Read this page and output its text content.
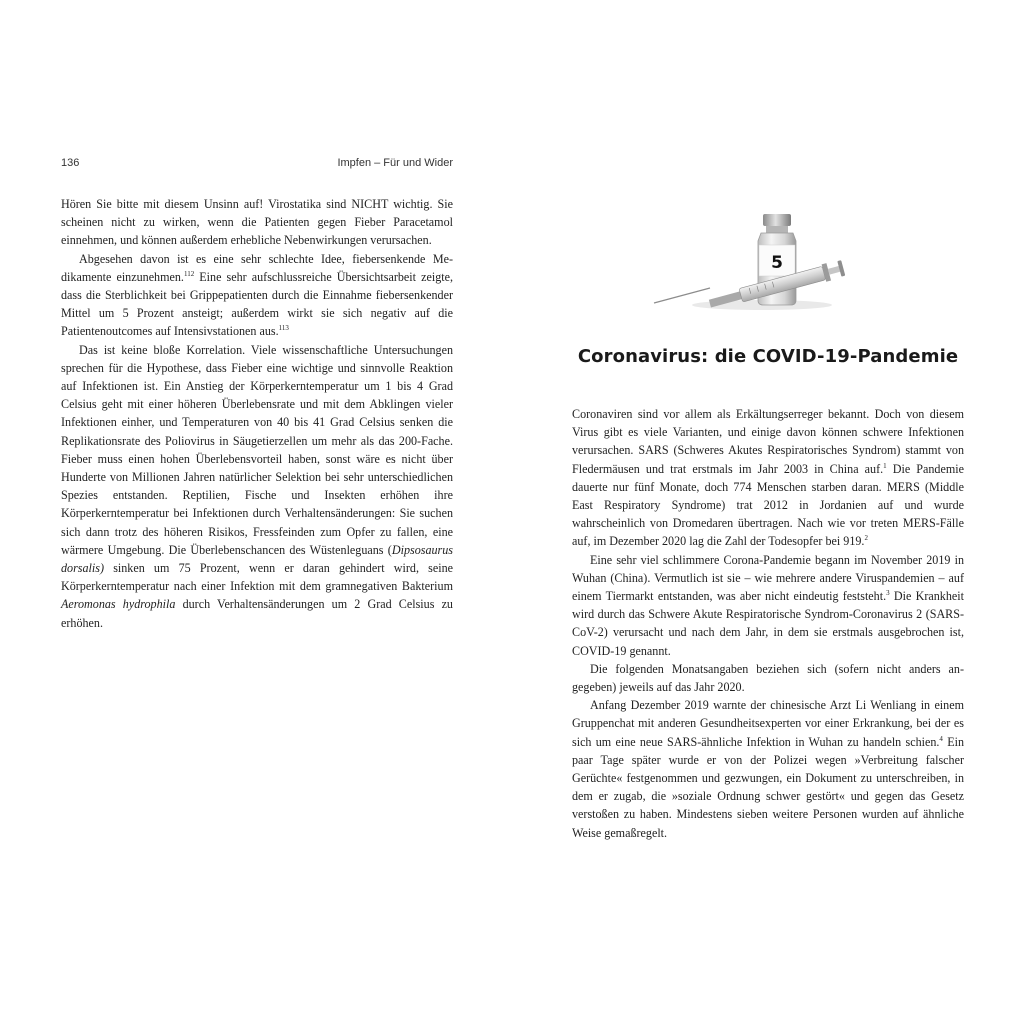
136	Impfen – Für und Wider

Hören Sie bitte mit diesem Unsinn auf! Virostatika sind NICHT wichtig. Sie scheinen nicht zu wirken, wenn die Patienten gegen Fieber Paracetamol einnehmen, und können außerdem erhebliche Nebenwirkungen verursachen.

Abgesehen davon ist es eine sehr schlechte Idee, fiebersenkende Medikamente einzunehmen.$^{112}$ Eine sehr aufschlussreiche Übersichtsarbeit zeigte, dass die Sterblichkeit bei Grippepatienten durch die Einnahme fiebersenkender Mittel um 5 Prozent ansteigt; außerdem wirkt sie sich negativ auf die Patientenoutcomes auf Intensivstationen aus.$^{113}$

Das ist keine bloße Korrelation. Viele wissenschaftliche Untersuchungen sprechen für die Hypothese, dass Fieber eine wichtige und sinnvolle Reaktion auf Infektionen ist. Ein Anstieg der Körperkerntemperatur um 1 bis 4 Grad Celsius geht mit einer höheren Überlebensrate und mit dem Abklingen vieler Infektionen einher, und Temperaturen von 40 bis 41 Grad Celsius senken die Replikationsrate des Poliovirus in Säugetierzellen um mehr als das 200-Fache. Fieber muss einen hohen Überlebensvorteil haben, sonst wäre es nicht über Hunderte von Millionen Jahren natürlicher Selektion bei sehr unterschiedlichen Spezies entstanden. Reptilien, Fische und Insekten erhöhen ihre Körperkerntemperatur bei Infektionen durch Verhaltensänderungen: Sie suchen sich dann trotz des höheren Risikos, Fressfeinden zum Opfer zu fallen, eine wärmere Umgebung. Die Überlebenschancen des Wüstenleguans (Dipsosaurus dorsalis) sinken um 75 Prozent, wenn er daran gehindert wird, seine Körperkerntemperatur nach einer Infektion mit dem gramnegativen Bakterium Aeromonas hydrophila durch Verhaltensänderungen um 2 Grad Celsius zu erhöhen.

5
Coronavirus: die COVID-19-Pandemie

Coronaviren sind vor allem als Erkältungserreger bekannt. Doch von diesem Virus gibt es viele Varianten, und einige davon können schwere Infektionen verursachen. SARS (Schweres Akutes Respiratorisches Syndrom) stammt von Fledermäusen und trat erstmals im Jahr 2003 in China auf.$^1$ Die Pandemie dauerte nur fünf Monate, doch 774 Menschen starben daran. MERS (Middle East Respiratory Syndrome) trat 2012 in Jordanien auf und wurde wahrscheinlich von Dromedaren übertragen. Nach wie vor treten MERS-Fälle auf, im Dezember 2020 lag die Zahl der Todesopfer bei 919.$^2$

Eine sehr viel schlimmere Corona-Pandemie begann im November 2019 in Wuhan (China). Vermutlich ist sie – wie mehrere andere Viruspandemien – auf einem Tiermarkt entstanden, was aber nicht eindeutig feststeht.$^3$ Die Krankheit wird durch das Schwere Akute Respiratorische Syndrom-Coronavirus 2 (SARS-CoV-2) verursacht und nach dem Jahr, in dem sie erstmals ausgebrochen ist, COVID-19 genannt.

Die folgenden Monatsangaben beziehen sich (sofern nicht anders angegeben) jeweils auf das Jahr 2020.

Anfang Dezember 2019 warnte der chinesische Arzt Li Wenliang in einem Gruppenchat mit anderen Gesundheitsexperten vor einer Erkrankung, bei der es sich um eine neue SARS-ähnliche Infektion in Wuhan zu handeln schien.$^4$ Ein paar Tage später wurde er von der Polizei wegen »Verbreitung falscher Gerüchte« festgenommen und gezwungen, ein Dokument zu unterschreiben, in dem er zugab, die »soziale Ordnung schwer gestört« und gegen das Gesetz verstoßen zu haben. Mindestens sieben weitere Personen wurden auf ähnliche Weise gemaßregelt.
